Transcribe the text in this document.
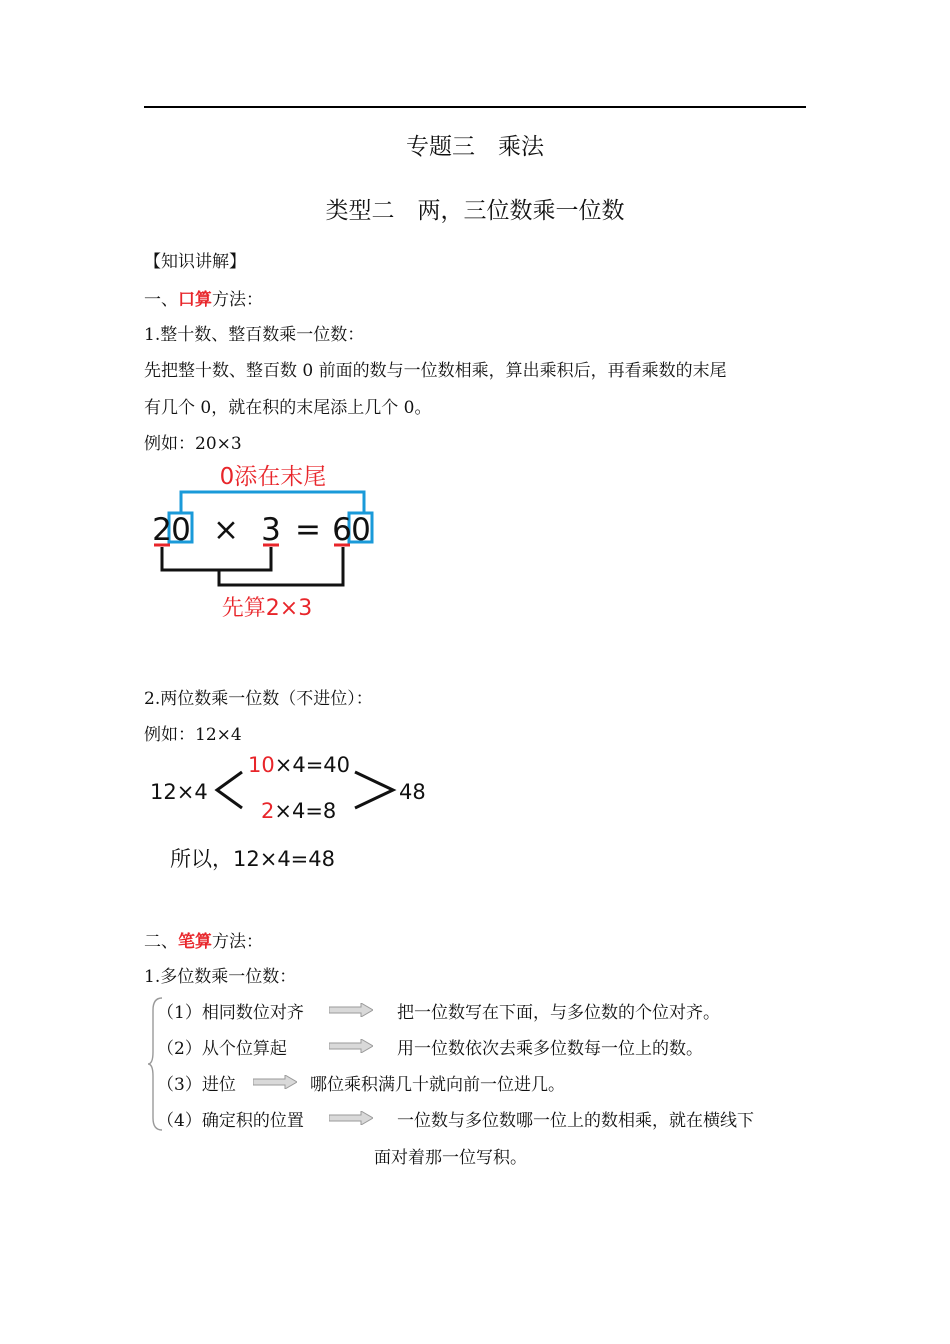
专题三　乘法
类型二　两，三位数乘一位数
【知识讲解】
一、口算方法：
1.整十数、整百数乘一位数：
先把整十数、整百数 0 前面的数与一位数相乘，算出乘积后，再看乘数的末尾
有几个 0，就在积的末尾添上几个 0。
例如：20×3
0添在末尾
2 0 × 3 = 6 0
先算2×3
2.两位数乘一位数（不进位）：
例如：12×4
12×4
10×4=40
2×4=8
48
所以，12×4=48
二、笔算方法：
1.多位数乘一位数：
（1）相同数位对齐	把一位数写在下面，与多位数的个位对齐。
（2）从个位算起	用一位数依次去乘多位数每一位上的数。
（3）进位	哪位乘积满几十就向前一位进几。
（4）确定积的位置	一位数与多位数哪一位上的数相乘，就在横线下
面对着那一位写积。
